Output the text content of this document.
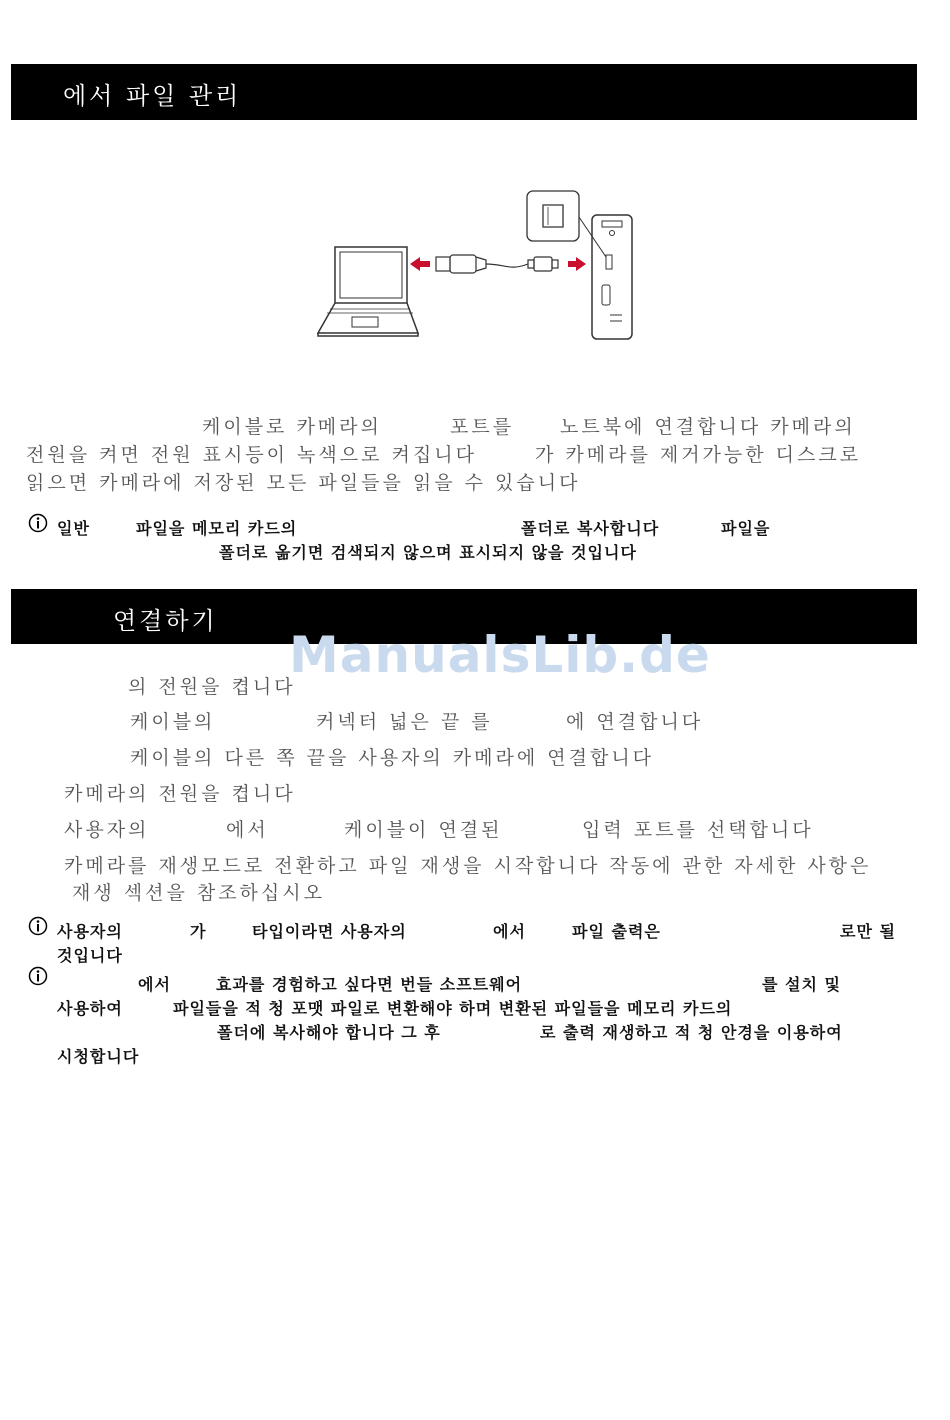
에서 파일 관리
케이블로 카메라의	포트를 노트북에 연결합니다 카메라의
전원을 켜면 전원 표시등이 녹색으로 켜집니다	가 카메라를 제거가능한 디스크로
읽으면 카메라에 저장된 모든 파일들을 읽을 수 있습니다
일반	파일을 메모리 카드의	폴더로 복사합니다	파일을
폴더로 옮기면 검색되지 않으며 표시되지 않을 것입니다
연결하기
ManualsLib.de
의 전원을 켭니다
케이블의	커넥터 넓은 끝 를	에 연결합니다
케이블의 다른 쪽 끝을 사용자의 카메라에 연결합니다
카메라의 전원을 켭니다
사용자의	에서	케이블이 연결된	입력 포트를 선택합니다
카메라를 재생모드로 전환하고 파일 재생을 시작합니다 작동에 관한 자세한 사항은
재생 섹션을 참조하십시오
사용자의	가	타입이라면 사용자의	에서	파일 출력은	로만 될
것입니다
에서	효과를 경험하고 싶다면 번들 소프트웨어	를 설치 및
사용하여	파일들을 적 청 포맷 파일로 변환해야 하며 변환된 파일들을 메모리 카드의
폴더에 복사해야 합니다 그 후	로 출력 재생하고 적 청 안경을 이용하여
시청합니다
